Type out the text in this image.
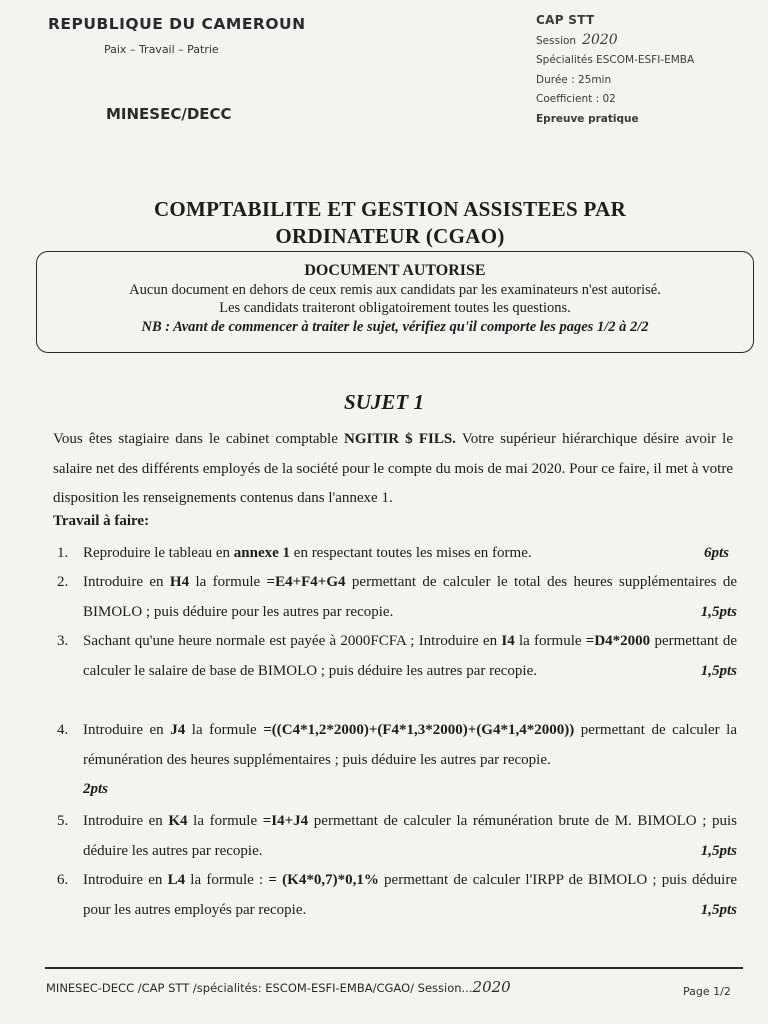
REPUBLIQUE DU CAMEROUN
Paix – Travail – Patrie
MINESEC/DECC
CAP STT
Session 2020
Spécialités ESCOM-ESFI-EMBA
Durée : 25min
Coefficient : 02
Epreuve pratique
COMPTABILITE ET GESTION ASSISTEES PAR
ORDINATEUR (CGAO)
DOCUMENT AUTORISE
Aucun document en dehors de ceux remis aux candidats par les examinateurs n'est autorisé.
Les candidats traiteront obligatoirement toutes les questions.
NB : Avant de commencer à traiter le sujet, vérifiez qu'il comporte les pages 1/2 à 2/2
SUJET 1
Vous êtes stagiaire dans le cabinet comptable NGITIR $ FILS. Votre supérieur hiérarchique désire avoir le salaire net des différents employés de la société pour le compte du mois de mai 2020. Pour ce faire, il met à votre disposition les renseignements contenus dans l'annexe 1.
Travail à faire:
1. Reproduire le tableau en annexe 1 en respectant toutes les mises en forme.	6pts
2. Introduire en H4 la formule =E4+F4+G4 permettant de calculer le total des heures supplémentaires de BIMOLO ; puis déduire pour les autres par recopie.	1,5pts
3. Sachant qu'une heure normale est payée à 2000FCFA ; Introduire en I4 la formule =D4*2000 permettant de calculer le salaire de base de BIMOLO ; puis déduire les autres par recopie.	1,5pts
4. Introduire en J4 la formule =((C4*1,2*2000)+(F4*1,3*2000)+(G4*1,4*2000)) permettant de calculer la rémunération des heures supplémentaires ; puis déduire les autres par recopie.
2pts
5. Introduire en K4 la formule =I4+J4 permettant de calculer la rémunération brute de M. BIMOLO ; puis déduire les autres par recopie.	1,5pts
6. Introduire en L4 la formule : = (K4*0,7)*0,1% permettant de calculer l'IRPP de BIMOLO ; puis déduire pour les autres employés par recopie.	1,5pts
MINESEC-DECC /CAP STT /spécialités: ESCOM-ESFI-EMBA/CGAO/ Session...2020	Page 1/2
